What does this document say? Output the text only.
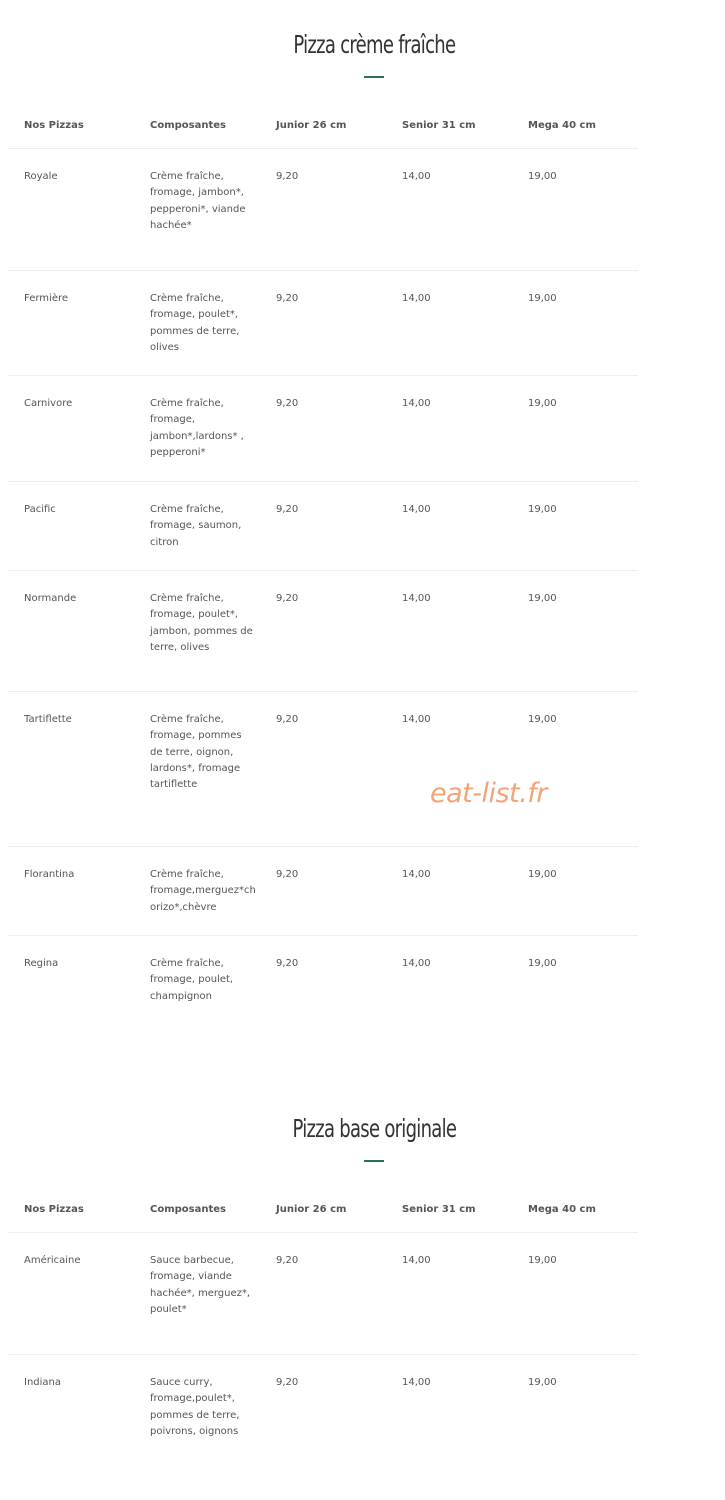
Pizza crème fraîche
Nos Pizzas	Composantes	Junior 26 cm	Senior 31 cm	Mega 40 cm
Royale	Crème fraîche, fromage, jambon*, pepperoni*, viande hachée*	9,20	14,00	19,00
Fermière	Crème fraîche, fromage, poulet*, pommes de terre, olives	9,20	14,00	19,00
Carnivore	Crème fraîche, fromage, jambon*,lardons* , pepperoni*	9,20	14,00	19,00
Pacific	Crème fraîche, fromage, saumon, citron	9,20	14,00	19,00
Normande	Crème fraîche, fromage, poulet*, jambon, pommes de terre, olives	9,20	14,00	19,00
Tartiflette	Crème fraîche, fromage, pommes de terre, oignon, lardons*, fromage tartiflette	9,20	14,00	19,00
Florantina	Crème fraîche, fromage,merguez*chorizo*,chèvre	9,20	14,00	19,00
Regina	Crème fraîche, fromage, poulet, champignon	9,20	14,00	19,00
eat-list.fr
Pizza base originale
Nos Pizzas	Composantes	Junior 26 cm	Senior 31 cm	Mega 40 cm
Américaine	Sauce barbecue, fromage, viande hachée*, merguez*, poulet*	9,20	14,00	19,00
Indiana	Sauce curry, fromage,poulet*, pommes de terre, poivrons, oignons	9,20	14,00	19,00
